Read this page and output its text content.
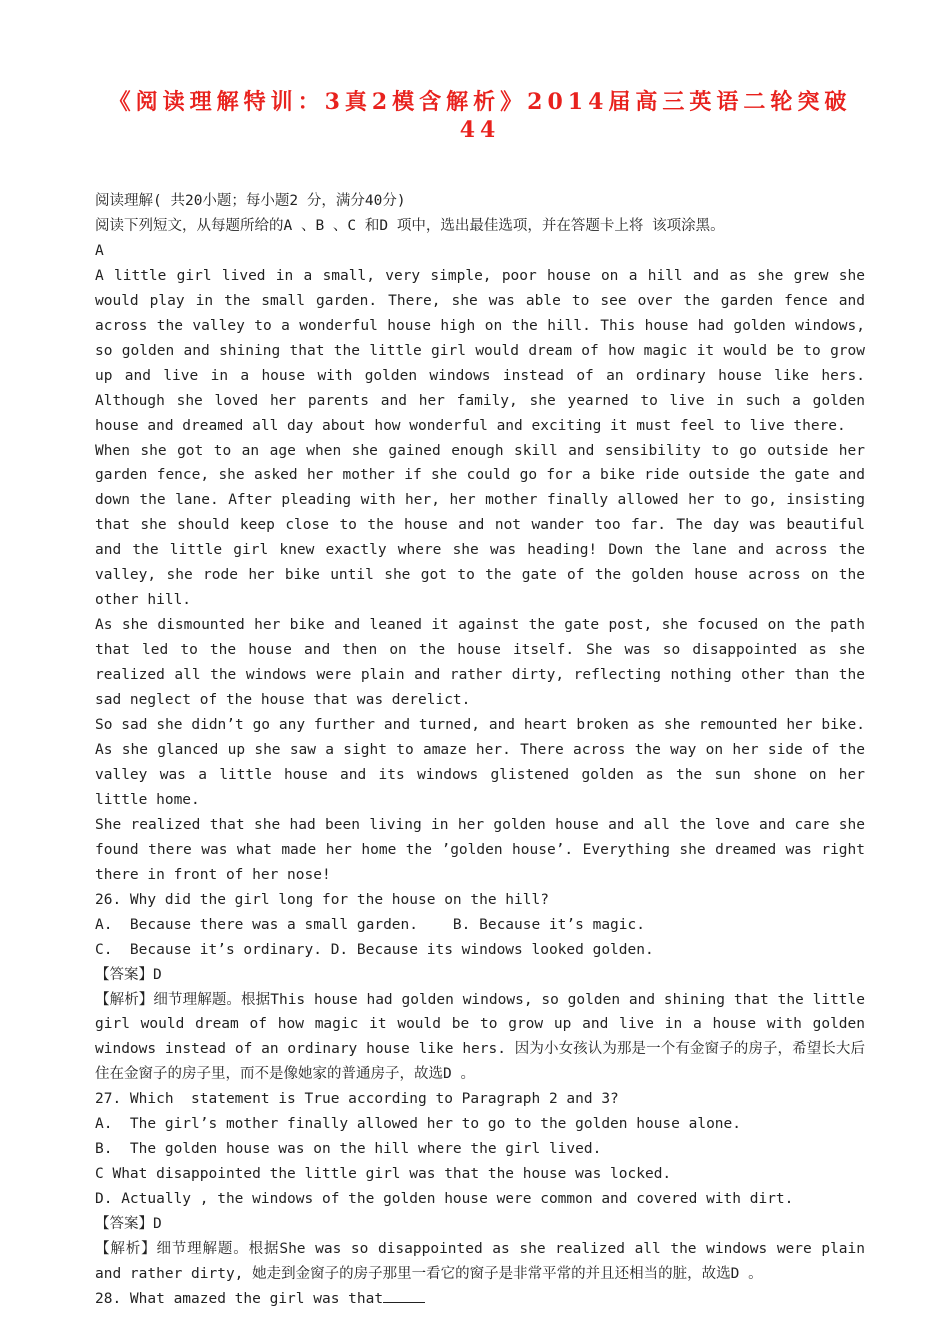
《阅读理解特训：3真2模含解析》2014届高三英语二轮突破44

阅读理解( 共20小题；每小题2 分，满分40分)

阅读下列短文，从每题所给的A 、B 、C 和D 项中，选出最佳选项，并在答题卡上将 该项涂黑。

A

A little girl lived in a small, very simple, poor house on a hill and as she grew she would play in the small garden. There, she was able to see over the garden fence and across the valley to a wonderful house high on the hill. This house had golden windows, so golden and shining that the little girl would dream of how magic it would be to grow up and live in a house with golden windows instead of an ordinary house like hers. Although she loved her parents and her family, she yearned to live in such a golden house and dreamed all day about how wonderful and exciting it must feel to live there.

When she got to an age when she gained enough skill and sensibility to go outside her garden fence, she asked her mother if she could go for a bike ride outside the gate and down the lane. After pleading with her, her mother finally allowed her to go, insisting that she should keep close to the house and not wander too far. The day was beautiful and the little girl knew exactly where she was heading! Down the lane and across the valley, she rode her bike until she got to the gate of the golden house across on the other hill.

As she dismounted her bike and leaned it against the gate post, she focused on the path that led to the house and then on the house itself. She was so disappointed as she realized all the windows were plain and rather dirty, reflecting nothing other than the sad neglect of the house that was derelict.

So sad she didn’t go any further and turned, and heart broken as she remounted her bike. As she glanced up she saw a sight to amaze her. There across the way on her side of the valley was a little house and its windows glistened golden as the sun shone on her little home.

She realized that she had been living in her golden house and all the love and care she found there was what made her home the ’golden house’. Everything she dreamed was right there in front of her nose!

26. Why did the girl long for the house on the hill?

A.  Because there was a small garden.    B. Because it’s magic.

C.  Because it’s ordinary. D. Because its windows looked golden.

【答案】D

【解析】细节理解题。根据This house had golden windows, so golden and shining that the little girl would dream of how magic it would be to grow up and live in a house with golden windows instead of an ordinary house like hers. 因为小女孩认为那是一个有金窗子的房子，希望长大后住在金窗子的房子里，而不是像她家的普通房子，故选D 。

27. Which  statement is True according to Paragraph 2 and 3?

A.  The girl’s mother finally allowed her to go to the golden house alone.

B.  The golden house was on the hill where the girl lived.

C What disappointed the little girl was that the house was locked.

D. Actually , the windows of the golden house were common and covered with dirt.

【答案】D

【解析】细节理解题。根据She was so disappointed as she realized all the windows were plain and rather dirty, 她走到金窗子的房子那里一看它的窗子是非常平常的并且还相当的脏，故选D 。

28. What amazed the girl was that
